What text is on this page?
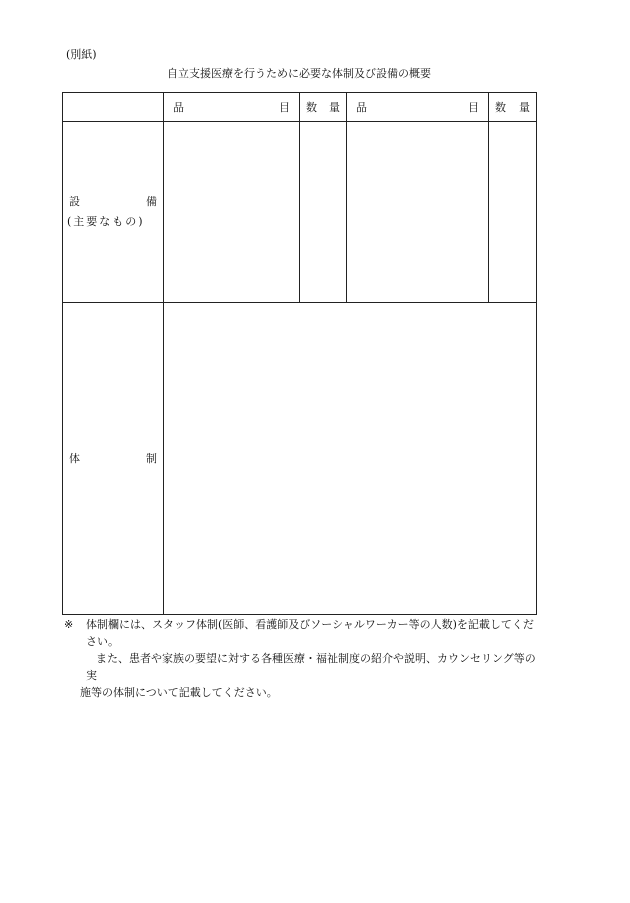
(別紙)
自立支援医療を行うために必要な体制及び設備の概要

	品 目	数 量	品 目	数 量

設 備
(主要なもの)				

体 制				

※	体制欄には、スタッフ体制(医師、看護師及びソーシャルワーカー等の人数)を記載してくだ

さい。

また、患者や家族の要望に対する各種医療・福祉制度の紹介や説明、カウンセリング等の実

施等の体制について記載してください。
